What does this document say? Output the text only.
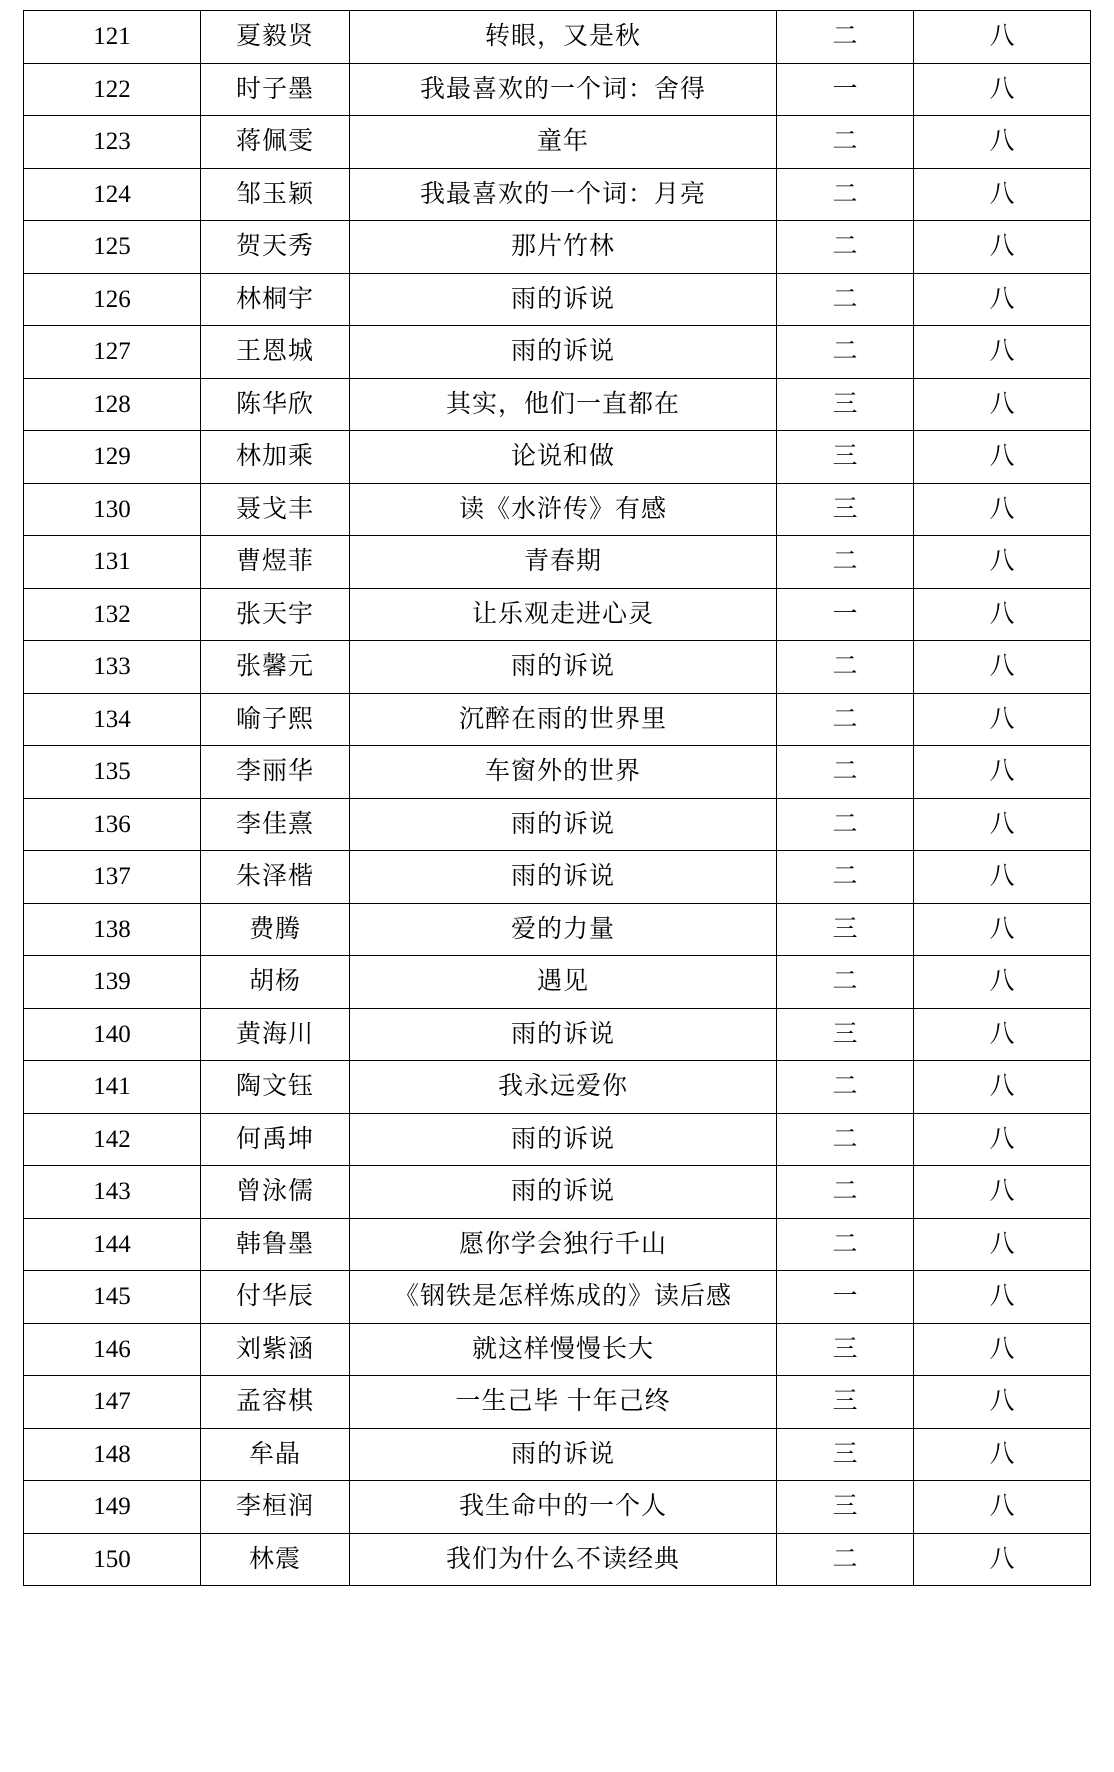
121	夏毅贤	转眼，又是秋	二	八
122	时子墨	我最喜欢的一个词：舍得	一	八
123	蒋佩雯	童年	二	八
124	邹玉颖	我最喜欢的一个词：月亮	二	八
125	贺天秀	那片竹林	二	八
126	林桐宇	雨的诉说	二	八
127	王恩城	雨的诉说	二	八
128	陈华欣	其实，他们一直都在	三	八
129	林加乘	论说和做	三	八
130	聂戈丰	读《水浒传》有感	三	八
131	曹煜菲	青春期	二	八
132	张天宇	让乐观走进心灵	一	八
133	张馨元	雨的诉说	二	八
134	喻子熙	沉醉在雨的世界里	二	八
135	李丽华	车窗外的世界	二	八
136	李佳熹	雨的诉说	二	八
137	朱泽楷	雨的诉说	二	八
138	费腾	爱的力量	三	八
139	胡杨	遇见	二	八
140	黄海川	雨的诉说	三	八
141	陶文钰	我永远爱你	二	八
142	何禹坤	雨的诉说	二	八
143	曾泳儒	雨的诉说	二	八
144	韩鲁墨	愿你学会独行千山	二	八
145	付华辰	《钢铁是怎样炼成的》读后感	一	八
146	刘紫涵	就这样慢慢长大	三	八
147	孟容棋	一生己毕 十年己终	三	八
148	牟晶	雨的诉说	三	八
149	李桓润	我生命中的一个人	三	八
150	林震	我们为什么不读经典	二	八
